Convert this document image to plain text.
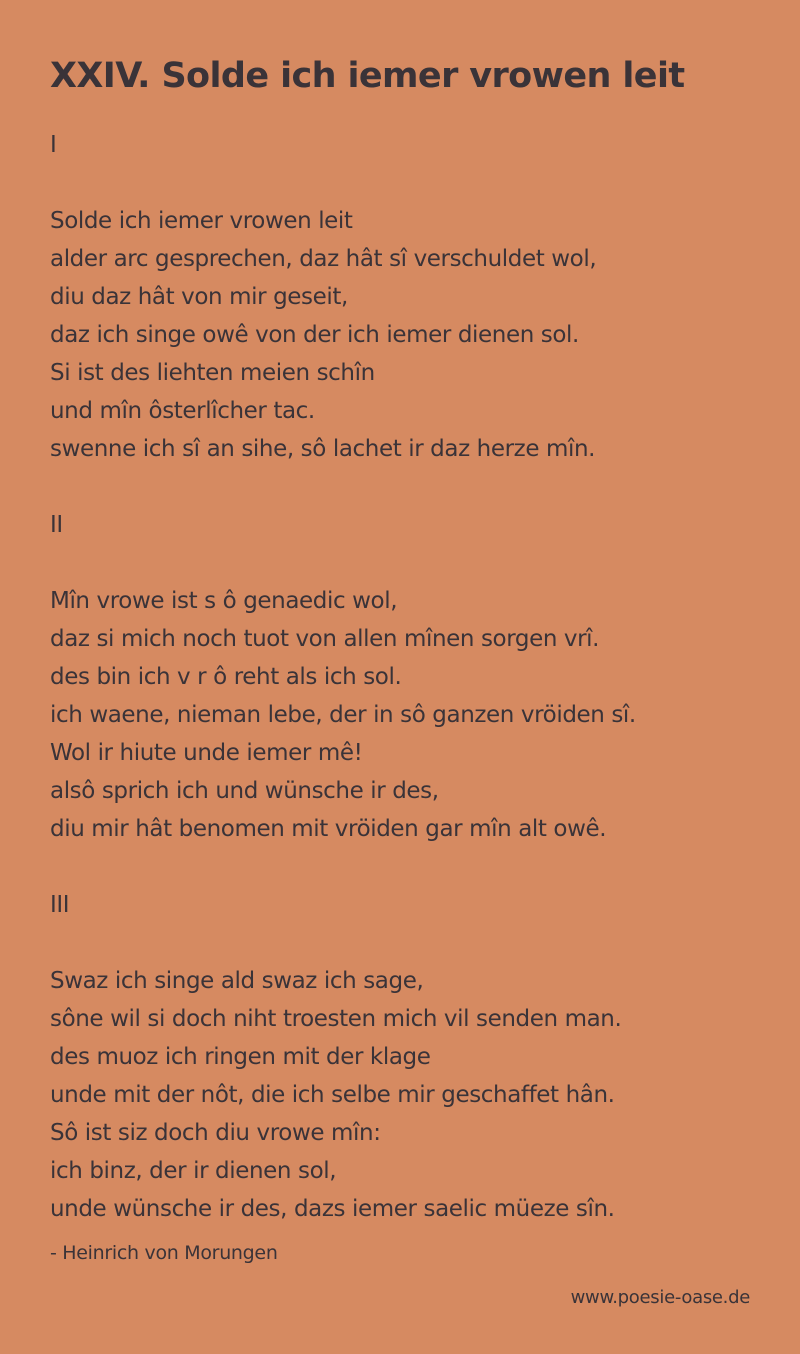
XXIV. Solde ich iemer vrowen leit
I
Solde ich iemer vrowen leit
alder arc gesprechen, daz hât sî verschuldet wol,
diu daz hât von mir geseit,
daz ich singe owê von der ich iemer dienen sol.
Si ist des liehten meien schîn
und mîn ôsterlîcher tac.
swenne ich sî an sihe, sô lachet ir daz herze mîn.
II
Mîn vrowe ist s ô genaedic wol,
daz si mich noch tuot von allen mînen sorgen vrî.
des bin ich v r ô reht als ich sol.
ich waene, nieman lebe, der in sô ganzen vröiden sî.
Wol ir hiute unde iemer mê!
alsô sprich ich und wünsche ir des,
diu mir hât benomen mit vröiden gar mîn alt owê.
III
Swaz ich singe ald swaz ich sage,
sône wil si doch niht troesten mich vil senden man.
des muoz ich ringen mit der klage
unde mit der nôt, die ich selbe mir geschaffet hân.
Sô ist siz doch diu vrowe mîn:
ich binz, der ir dienen sol,
unde wünsche ir des, dazs iemer saelic müeze sîn.
- Heinrich von Morungen
www.poesie-oase.de
